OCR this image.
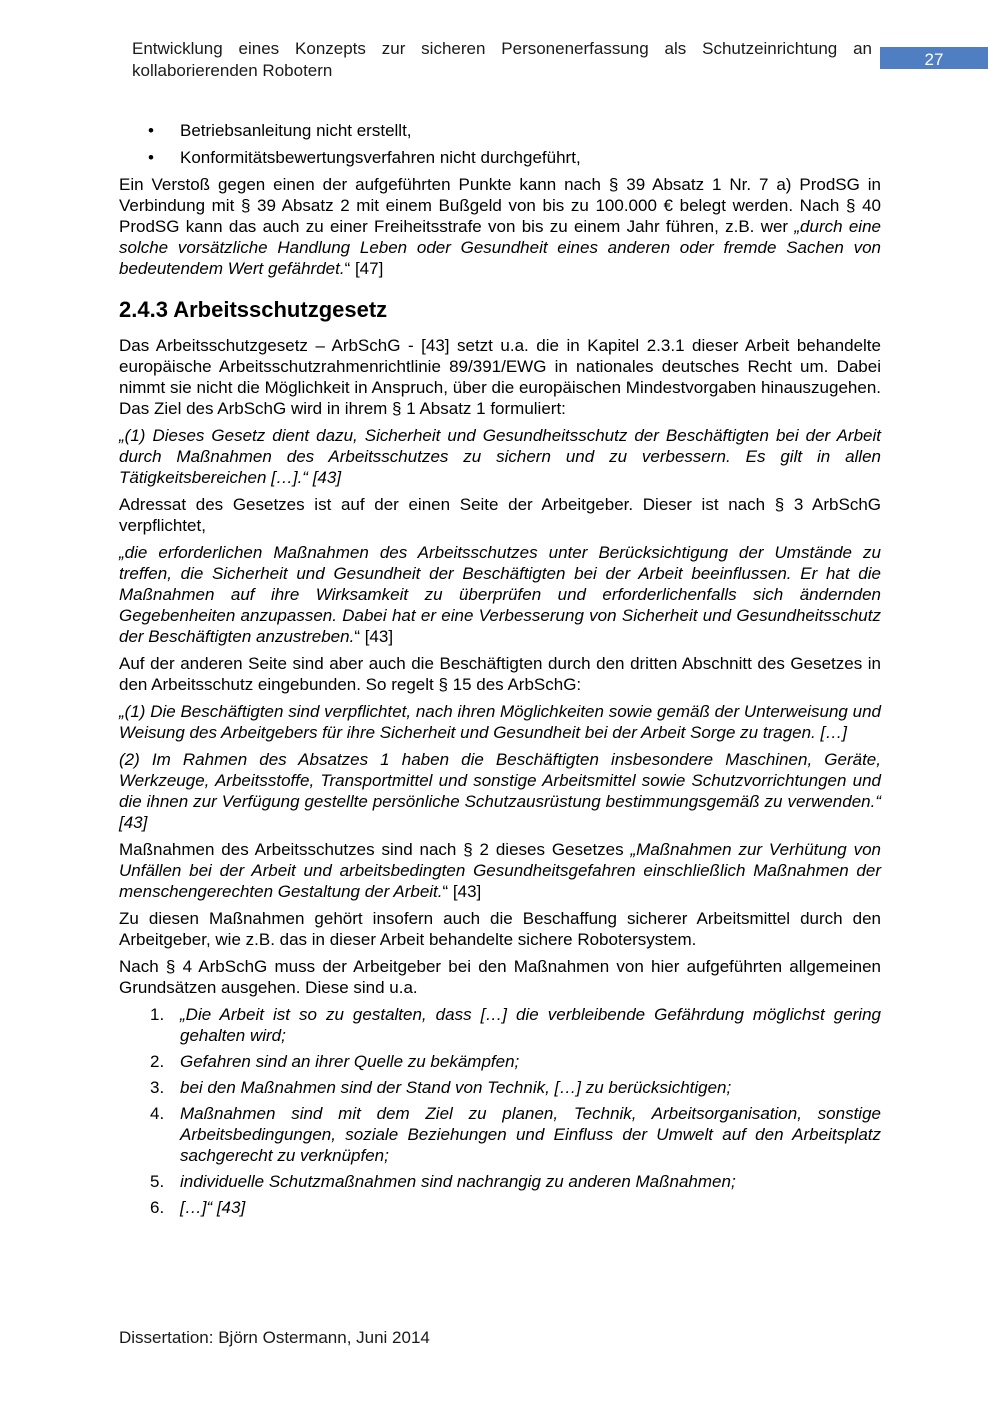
Entwicklung eines Konzepts zur sicheren Personenerfassung als Schutzeinrichtung an kollaborierenden Robotern
27
• Betriebsanleitung nicht erstellt,
• Konformitätsbewertungsverfahren nicht durchgeführt,

Ein Verstoß gegen einen der aufgeführten Punkte kann nach § 39 Absatz 1 Nr. 7 a) ProdSG in Verbindung mit § 39 Absatz 2 mit einem Bußgeld von bis zu 100.000 € belegt werden. Nach § 40 ProdSG kann das auch zu einer Freiheitsstrafe von bis zu einem Jahr führen, z.B. wer „durch eine solche vorsätzliche Handlung Leben oder Gesundheit eines anderen oder fremde Sachen von bedeutendem Wert gefährdet.“ [47]

2.4.3 Arbeitsschutzgesetz

Das Arbeitsschutzgesetz – ArbSchG - [43] setzt u.a. die in Kapitel 2.3.1 dieser Arbeit behandelte europäische Arbeitsschutzrahmenrichtlinie 89/391/EWG in nationales deutsches Recht um. Dabei nimmt sie nicht die Möglichkeit in Anspruch, über die europäischen Mindestvorgaben hinauszugehen. Das Ziel des ArbSchG wird in ihrem § 1 Absatz 1 formuliert:

„(1) Dieses Gesetz dient dazu, Sicherheit und Gesundheitsschutz der Beschäftigten bei der Arbeit durch Maßnahmen des Arbeitsschutzes zu sichern und zu verbessern. Es gilt in allen Tätigkeitsbereichen […].“ [43]

Adressat des Gesetzes ist auf der einen Seite der Arbeitgeber. Dieser ist nach § 3 ArbSchG verpflichtet,

„die erforderlichen Maßnahmen des Arbeitsschutzes unter Berücksichtigung der Umstände zu treffen, die Sicherheit und Gesundheit der Beschäftigten bei der Arbeit beeinflussen. Er hat die Maßnahmen auf ihre Wirksamkeit zu überprüfen und erforderlichenfalls sich ändernden Gegebenheiten anzupassen. Dabei hat er eine Verbesserung von Sicherheit und Gesundheitsschutz der Beschäftigten anzustreben.“ [43]

Auf der anderen Seite sind aber auch die Beschäftigten durch den dritten Abschnitt des Gesetzes in den Arbeitsschutz eingebunden. So regelt § 15 des ArbSchG:

„(1) Die Beschäftigten sind verpflichtet, nach ihren Möglichkeiten sowie gemäß der Unterweisung und Weisung des Arbeitgebers für ihre Sicherheit und Gesundheit bei der Arbeit Sorge zu tragen. […]

(2) Im Rahmen des Absatzes 1 haben die Beschäftigten insbesondere Maschinen, Geräte, Werkzeuge, Arbeitsstoffe, Transportmittel und sonstige Arbeitsmittel sowie Schutzvorrichtungen und die ihnen zur Verfügung gestellte persönliche Schutzausrüstung bestimmungsgemäß zu verwenden.“ [43]

Maßnahmen des Arbeitsschutzes sind nach § 2 dieses Gesetzes „Maßnahmen zur Verhütung von Unfällen bei der Arbeit und arbeitsbedingten Gesundheitsgefahren einschließlich Maßnahmen der menschengerechten Gestaltung der Arbeit.“ [43]

Zu diesen Maßnahmen gehört insofern auch die Beschaffung sicherer Arbeitsmittel durch den Arbeitgeber, wie z.B. das in dieser Arbeit behandelte sichere Robotersystem.

Nach § 4 ArbSchG muss der Arbeitgeber bei den Maßnahmen von hier aufgeführten allgemeinen Grundsätzen ausgehen. Diese sind u.a.

1. „Die Arbeit ist so zu gestalten, dass […] die verbleibende Gefährdung möglichst gering gehalten wird;
2. Gefahren sind an ihrer Quelle zu bekämpfen;
3. bei den Maßnahmen sind der Stand von Technik, […] zu berücksichtigen;
4. Maßnahmen sind mit dem Ziel zu planen, Technik, Arbeitsorganisation, sonstige Arbeitsbedingungen, soziale Beziehungen und Einfluss der Umwelt auf den Arbeitsplatz sachgerecht zu verknüpfen;
5. individuelle Schutzmaßnahmen sind nachrangig zu anderen Maßnahmen;
6. […]“ [43]
Dissertation: Björn Ostermann, Juni 2014
